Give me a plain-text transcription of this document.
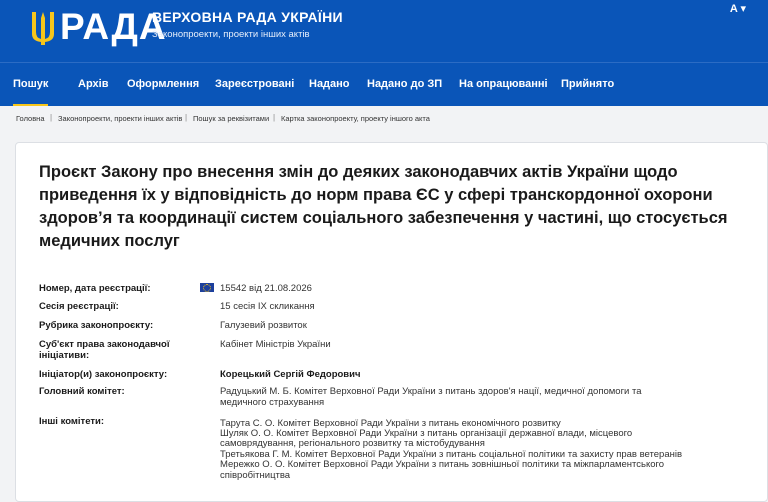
РАДА
ВЕРХОВНА РАДА УКРАЇНИ
Законопроекти, проекти інших актів
A ▾
Пошук	Архів Оформлення Зареєстровані Надано Надано до ЗП На опрацюванні Прийнято
Головна | Законопроекти, проекти інших актів | Пошук за реквізитами | Картка законопроекту, проекту іншого акта
Проєкт Закону про внесення змін до деяких законодавчих актів України щодо приведення їх у відповідність до норм права ЄС у сфері транскордонної охорони здоров’я та координації систем соціального забезпечення у частині, що стосується медичних послуг
Номер, дата реєстрації:	15542 від 21.08.2026
Сесія реєстрації:	15 сесія IX скликання
Рубрика законопроєкту:	Галузевий розвиток
Суб'єкт права законодавчої
ініціативи:
Кабінет Міністрів України
Ініціатор(и) законопроєкту:	Корецький Сергій Федорович
Головний комітет:	Радуцький М. Б. Комітет Верховної Ради України з питань здоров'я нації, медичної допомоги та
медичного страхування
Інші комітети:	Тарута С. О. Комітет Верховної Ради України з питань економічного розвитку
Шуляк О. О. Комітет Верховної Ради України з питань організації державної влади, місцевого
самоврядування, регіонального розвитку та містобудування
Третьякова Г. М. Комітет Верховної Ради України з питань соціальної політики та захисту прав ветеранів
Мережко О. О. Комітет Верховної Ради України з питань зовнішньої політики та міжпарламентського
співробітництва
